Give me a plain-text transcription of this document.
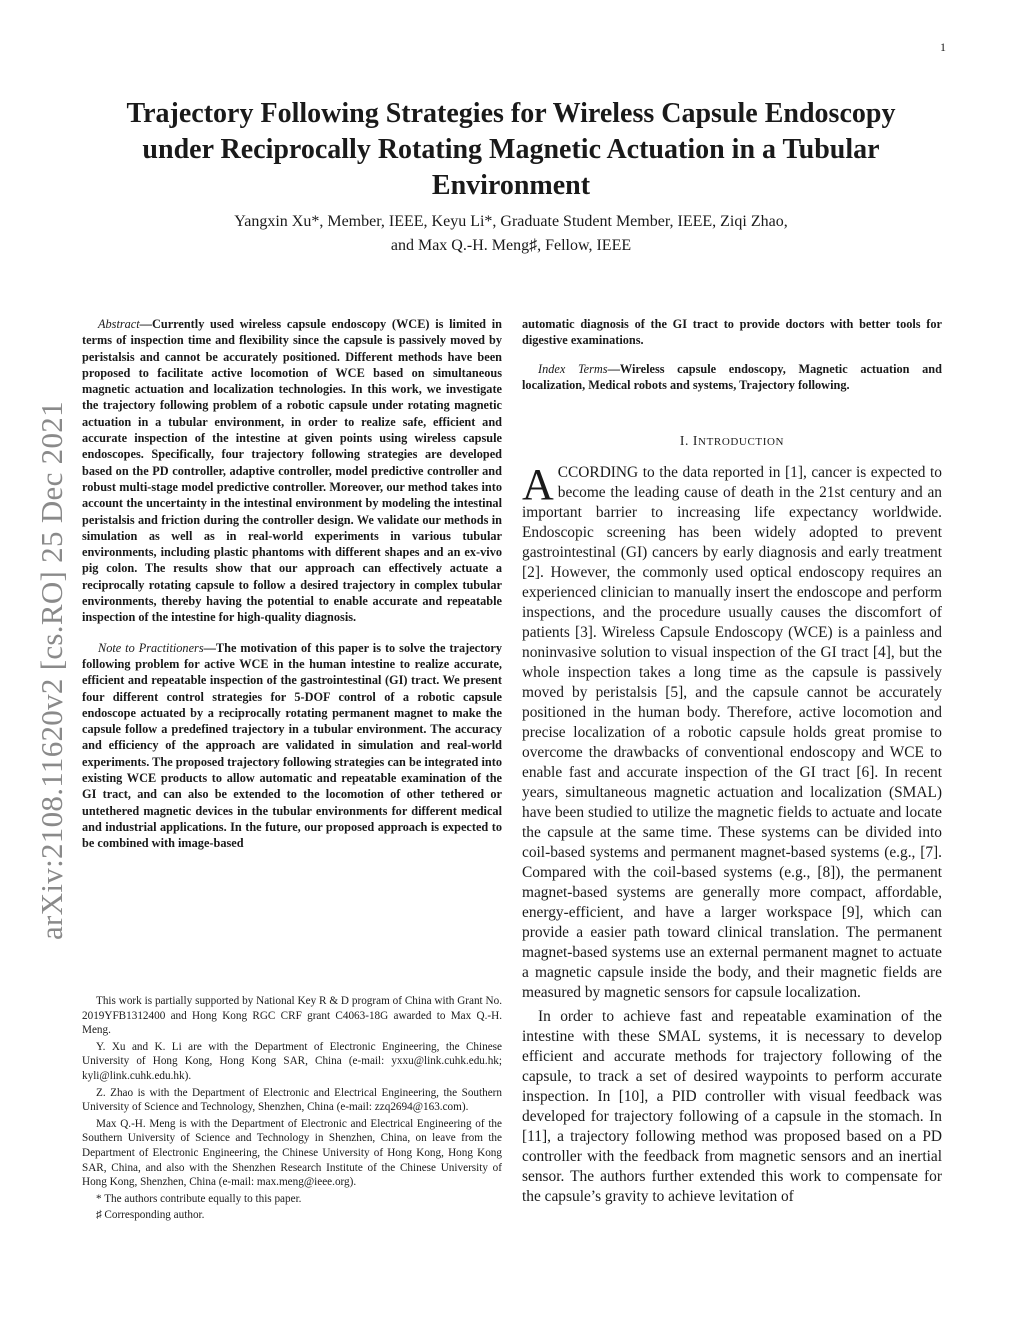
1
arXiv:2108.11620v2 [cs.RO] 25 Dec 2021
Trajectory Following Strategies for Wireless Capsule Endoscopy under Reciprocally Rotating Magnetic Actuation in a Tubular Environment
Yangxin Xu*, Member, IEEE, Keyu Li*, Graduate Student Member, IEEE, Ziqi Zhao,
and Max Q.-H. Meng♯, Fellow, IEEE

Abstract—Currently used wireless capsule endoscopy (WCE) is limited in terms of inspection time and flexibility since the capsule is passively moved by peristalsis and cannot be accurately positioned. Different methods have been proposed to facilitate active locomotion of WCE based on simultaneous magnetic actuation and localization technologies. In this work, we investigate the trajectory following problem of a robotic capsule under rotating magnetic actuation in a tubular environment, in order to realize safe, efficient and accurate inspection of the intestine at given points using wireless capsule endoscopes. Specifically, four trajectory following strategies are developed based on the PD controller, adaptive controller, model predictive controller and robust multi-stage model predictive controller. Moreover, our method takes into account the uncertainty in the intestinal environment by modeling the intestinal peristalsis and friction during the controller design. We validate our methods in simulation as well as in real-world experiments in various tubular environments, including plastic phantoms with different shapes and an ex-vivo pig colon. The results show that our approach can effectively actuate a reciprocally rotating capsule to follow a desired trajectory in complex tubular environments, thereby having the potential to enable accurate and repeatable inspection of the intestine for high-quality diagnosis.

Note to Practitioners—The motivation of this paper is to solve the trajectory following problem for active WCE in the human intestine to realize accurate, efficient and repeatable inspection of the gastrointestinal (GI) tract. We present four different control strategies for 5-DOF control of a robotic capsule endoscope actuated by a reciprocally rotating permanent magnet to make the capsule follow a predefined trajectory in a tubular environment. The accuracy and efficiency of the approach are validated in simulation and real-world experiments. The proposed trajectory following strategies can be integrated into existing WCE products to allow automatic and repeatable examination of the GI tract, and can also be extended to the locomotion of other tethered or untethered magnetic devices in the tubular environments for different medical and industrial applications. In the future, our proposed approach is expected to be combined with image-based

This work is partially supported by National Key R & D program of China with Grant No. 2019YFB1312400 and Hong Kong RGC CRF grant C4063-18G awarded to Max Q.-H. Meng.

Y. Xu and K. Li are with the Department of Electronic Engineering, the Chinese University of Hong Kong, Hong Kong SAR, China (e-mail: yxxu@link.cuhk.edu.hk; kyli@link.cuhk.edu.hk).

Z. Zhao is with the Department of Electronic and Electrical Engineering, the Southern University of Science and Technology, Shenzhen, China (e-mail: zzq2694@163.com).

Max Q.-H. Meng is with the Department of Electronic and Electrical Engineering of the Southern University of Science and Technology in Shenzhen, China, on leave from the Department of Electronic Engineering, the Chinese University of Hong Kong, Hong Kong SAR, China, and also with the Shenzhen Research Institute of the Chinese University of Hong Kong, Shenzhen, China (e-mail: max.meng@ieee.org).

* The authors contribute equally to this paper.

♯ Corresponding author.

automatic diagnosis of the GI tract to provide doctors with better tools for digestive examinations.

Index Terms—Wireless capsule endoscopy, Magnetic actuation and localization, Medical robots and systems, Trajectory following.

I. INTRODUCTION

ACCORDING to the data reported in [1], cancer is expected to become the leading cause of death in the 21st century and an important barrier to increasing life expectancy worldwide. Endoscopic screening has been widely adopted to prevent gastrointestinal (GI) cancers by early diagnosis and early treatment [2]. However, the commonly used optical endoscopy requires an experienced clinician to manually insert the endoscope and perform inspections, and the procedure usually causes the discomfort of patients [3]. Wireless Capsule Endoscopy (WCE) is a painless and noninvasive solution to visual inspection of the GI tract [4], but the whole inspection takes a long time as the capsule is passively moved by peristalsis [5], and the capsule cannot be accurately positioned in the human body. Therefore, active locomotion and precise localization of a robotic capsule holds great promise to overcome the drawbacks of conventional endoscopy and WCE to enable fast and accurate inspection of the GI tract [6]. In recent years, simultaneous magnetic actuation and localization (SMAL) have been studied to utilize the magnetic fields to actuate and locate the capsule at the same time. These systems can be divided into coil-based systems and permanent magnet-based systems (e.g., [7]. Compared with the coil-based systems (e.g., [8]), the permanent magnet-based systems are generally more compact, affordable, energy-efficient, and have a larger workspace [9], which can provide a easier path toward clinical translation. The permanent magnet-based systems use an external permanent magnet to actuate a magnetic capsule inside the body, and their magnetic fields are measured by magnetic sensors for capsule localization.

In order to achieve fast and repeatable examination of the intestine with these SMAL systems, it is necessary to develop efficient and accurate methods for trajectory following of the capsule, to track a set of desired waypoints to perform accurate inspection. In [10], a PID controller with visual feedback was developed for trajectory following of a capsule in the stomach. In [11], a trajectory following method was proposed based on a PD controller with the feedback from magnetic sensors and an inertial sensor. The authors further extended this work to compensate for the capsule’s gravity to achieve levitation of
